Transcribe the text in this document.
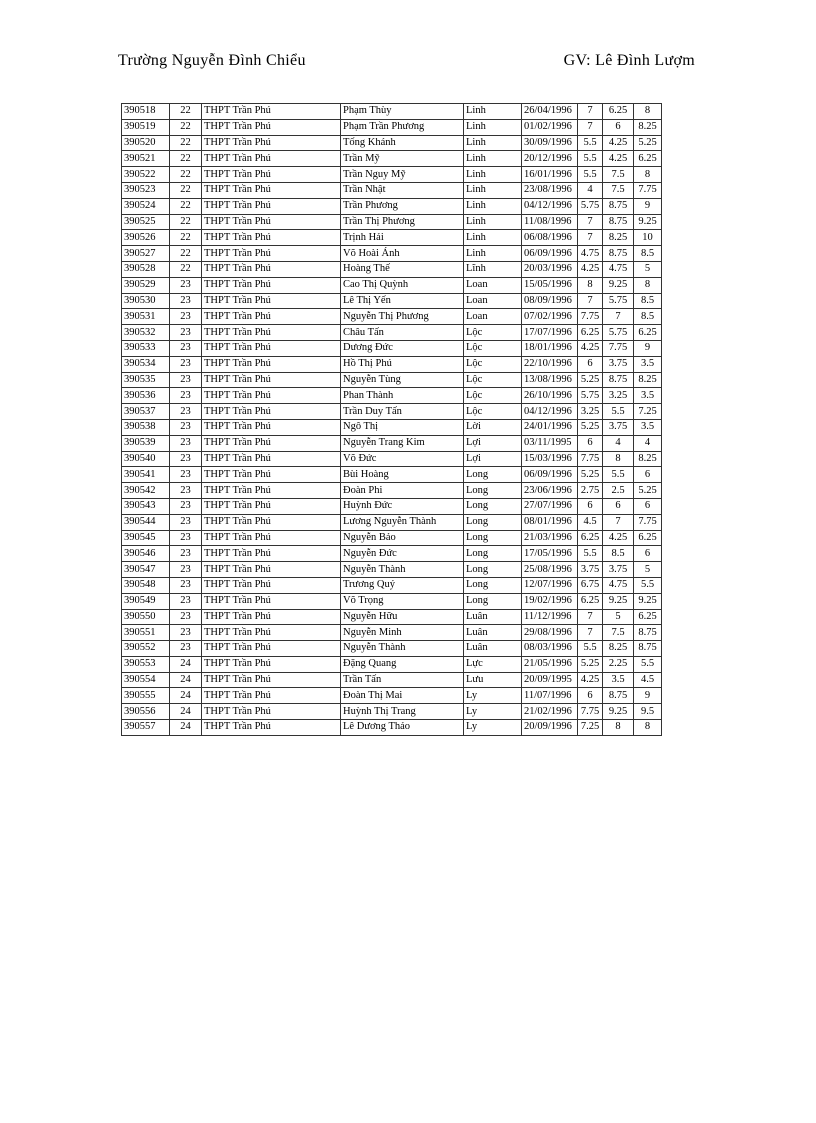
Trường Nguyễn Đình Chiểu	GV: Lê Đình Lượm
390518	22	THPT Trần Phú	Phạm Thùy	Linh	26/04/1996	7	6.25	8
390519	22	THPT Trần Phú	Phạm Trần Phương	Linh	01/02/1996	7	6	8.25
390520	22	THPT Trần Phú	Tống Khánh	Linh	30/09/1996	5.5	4.25	5.25
390521	22	THPT Trần Phú	Trần Mỹ	Linh	20/12/1996	5.5	4.25	6.25
390522	22	THPT Trần Phú	Trần Nguy Mỹ	Linh	16/01/1996	5.5	7.5	8
390523	22	THPT Trần Phú	Trần Nhật	Linh	23/08/1996	4	7.5	7.75
390524	22	THPT Trần Phú	Trần Phương	Linh	04/12/1996	5.75	8.75	9
390525	22	THPT Trần Phú	Trần Thị Phương	Linh	11/08/1996	7	8.75	9.25
390526	22	THPT Trần Phú	Trịnh Hải	Linh	06/08/1996	7	8.25	10
390527	22	THPT Trần Phú	Võ Hoài Ánh	Linh	06/09/1996	4.75	8.75	8.5
390528	22	THPT Trần Phú	Hoàng Thế	Lĩnh	20/03/1996	4.25	4.75	5
390529	23	THPT Trần Phú	Cao Thị Quỳnh	Loan	15/05/1996	8	9.25	8
390530	23	THPT Trần Phú	Lê Thị Yến	Loan	08/09/1996	7	5.75	8.5
390531	23	THPT Trần Phú	Nguyễn Thị Phương	Loan	07/02/1996	7.75	7	8.5
390532	23	THPT Trần Phú	Châu Tấn	Lộc	17/07/1996	6.25	5.75	6.25
390533	23	THPT Trần Phú	Dương Đức	Lộc	18/01/1996	4.25	7.75	9
390534	23	THPT Trần Phú	Hồ Thị Phú	Lộc	22/10/1996	6	3.75	3.5
390535	23	THPT Trần Phú	Nguyễn Tùng	Lộc	13/08/1996	5.25	8.75	8.25
390536	23	THPT Trần Phú	Phan Thành	Lộc	26/10/1996	5.75	3.25	3.5
390537	23	THPT Trần Phú	Trần Duy Tấn	Lộc	04/12/1996	3.25	5.5	7.25
390538	23	THPT Trần Phú	Ngô Thị	Lời	24/01/1996	5.25	3.75	3.5
390539	23	THPT Trần Phú	Nguyễn Trang Kim	Lợi	03/11/1995	6	4	4
390540	23	THPT Trần Phú	Võ Đức	Lợi	15/03/1996	7.75	8	8.25
390541	23	THPT Trần Phú	Bùi Hoàng	Long	06/09/1996	5.25	5.5	6
390542	23	THPT Trần Phú	Đoàn Phi	Long	23/06/1996	2.75	2.5	5.25
390543	23	THPT Trần Phú	Huỳnh Đức	Long	27/07/1996	6	6	6
390544	23	THPT Trần Phú	Lương Nguyễn Thành	Long	08/01/1996	4.5	7	7.75
390545	23	THPT Trần Phú	Nguyễn Bảo	Long	21/03/1996	6.25	4.25	6.25
390546	23	THPT Trần Phú	Nguyễn Đức	Long	17/05/1996	5.5	8.5	6
390547	23	THPT Trần Phú	Nguyễn Thành	Long	25/08/1996	3.75	3.75	5
390548	23	THPT Trần Phú	Trương Quý	Long	12/07/1996	6.75	4.75	5.5
390549	23	THPT Trần Phú	Võ Trọng	Long	19/02/1996	6.25	9.25	9.25
390550	23	THPT Trần Phú	Nguyễn Hữu	Luân	11/12/1996	7	5	6.25
390551	23	THPT Trần Phú	Nguyễn Minh	Luân	29/08/1996	7	7.5	8.75
390552	23	THPT Trần Phú	Nguyễn Thành	Luân	08/03/1996	5.5	8.25	8.75
390553	24	THPT Trần Phú	Đặng Quang	Lực	21/05/1996	5.25	2.25	5.5
390554	24	THPT Trần Phú	Trần Tấn	Lưu	20/09/1995	4.25	3.5	4.5
390555	24	THPT Trần Phú	Đoàn Thị Mai	Ly	11/07/1996	6	8.75	9
390556	24	THPT Trần Phú	Huỳnh Thị Trang	Ly	21/02/1996	7.75	9.25	9.5
390557	24	THPT Trần Phú	Lê Dương Thảo	Ly	20/09/1996	7.25	8	8
